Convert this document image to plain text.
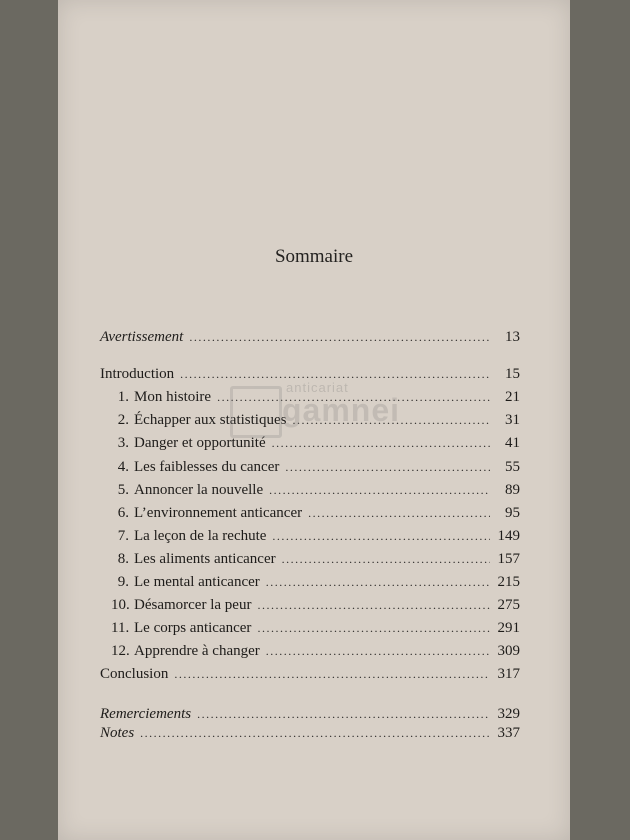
Sommaire
Avertissement .....	13
Introduction .....	15
1. Mon histoire .....	21
2. Échapper aux statistiques .....	31
3. Danger et opportunité .....	41
4. Les faiblesses du cancer .....	55
5. Annoncer la nouvelle .....	89
6. L’environnement anticancer .....	95
7. La leçon de la rechute .....	149
8. Les aliments anticancer .....	157
9. Le mental anticancer .....	215
10. Désamorcer la peur .....	275
11. Le corps anticancer .....	291
12. Apprendre à changer .....	309
Conclusion .....	317
Remerciements .....	329
Notes .....	337
anticariat
gamnei
